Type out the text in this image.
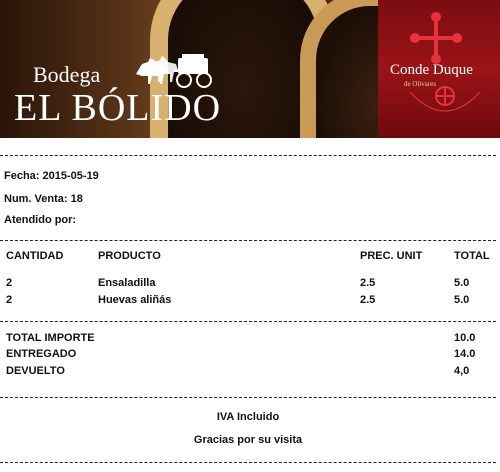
Bodega
EL BÓLIDO
Conde Duque
de Olivares
Fecha: 2015-05-19
Num. Venta: 18
Atendido por:
CANTIDAD	PRODUCTO	PREC. UNIT	TOTAL
2	Ensaladilla	2.5	5.0
2	Huevas aliñás	2.5	5.0
TOTAL IMPORTE	10.0
ENTREGADO	14.0
DEVUELTO	4,0
IVA Incluido
Gracias por su visita
